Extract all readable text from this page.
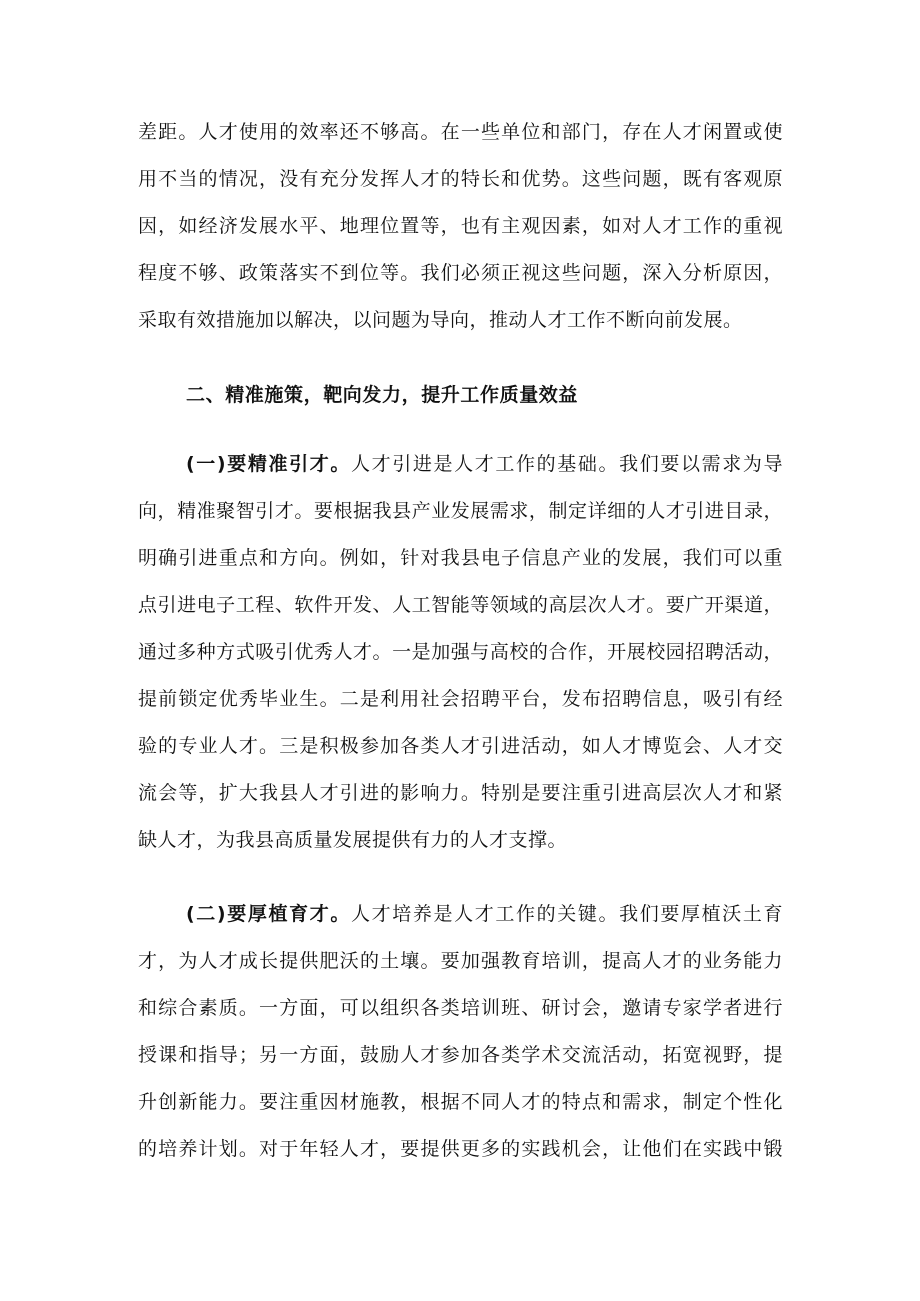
差距。人才使用的效率还不够高。在一些单位和部门，存在人才闲置或使
用不当的情况，没有充分发挥人才的特长和优势。这些问题，既有客观原
因，如经济发展水平、地理位置等，也有主观因素，如对人才工作的重视
程度不够、政策落实不到位等。我们必须正视这些问题，深入分析原因，
采取有效措施加以解决，以问题为导向，推动人才工作不断向前发展。
二、精准施策，靶向发力，提升工作质量效益
(一)要精准引才。人才引进是人才工作的基础。我们要以需求为导
向，精准聚智引才。要根据我县产业发展需求，制定详细的人才引进目录，
明确引进重点和方向。例如，针对我县电子信息产业的发展，我们可以重
点引进电子工程、软件开发、人工智能等领域的高层次人才。要广开渠道，
通过多种方式吸引优秀人才。一是加强与高校的合作，开展校园招聘活动，
提前锁定优秀毕业生。二是利用社会招聘平台，发布招聘信息，吸引有经
验的专业人才。三是积极参加各类人才引进活动，如人才博览会、人才交
流会等，扩大我县人才引进的影响力。特别是要注重引进高层次人才和紧
缺人才，为我县高质量发展提供有力的人才支撑。
(二)要厚植育才。人才培养是人才工作的关键。我们要厚植沃土育
才，为人才成长提供肥沃的土壤。要加强教育培训，提高人才的业务能力
和综合素质。一方面，可以组织各类培训班、研讨会，邀请专家学者进行
授课和指导；另一方面，鼓励人才参加各类学术交流活动，拓宽视野，提
升创新能力。要注重因材施教，根据不同人才的特点和需求，制定个性化
的培养计划。对于年轻人才，要提供更多的实践机会，让他们在实践中锻
